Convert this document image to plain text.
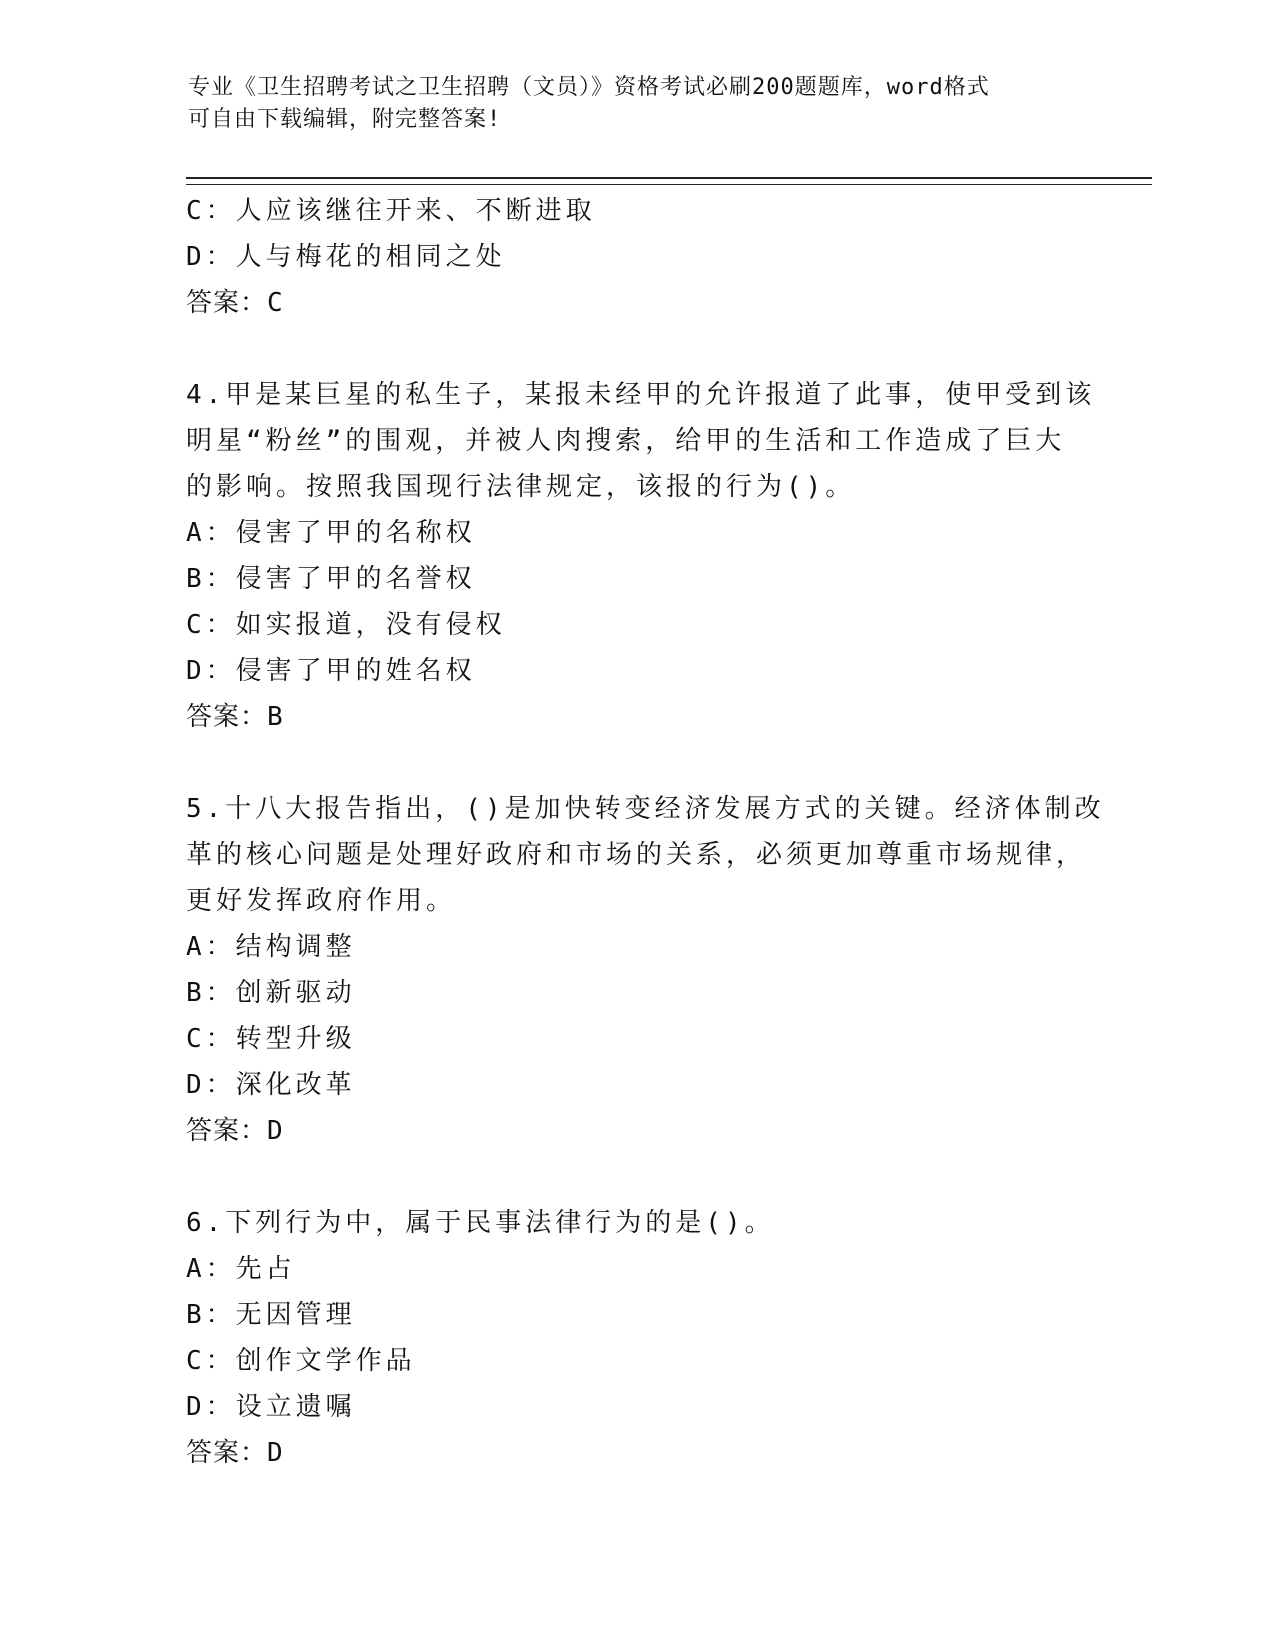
专业《卫生招聘考试之卫生招聘（文员）》资格考试必刷200题题库，word格式
可自由下载编辑，附完整答案!
C：人应该继往开来、不断进取
D：人与梅花的相同之处
答案：C
4.甲是某巨星的私生子，某报未经甲的允许报道了此事，使甲受到该
明星“粉丝”的围观，并被人肉搜索，给甲的生活和工作造成了巨大
的影响。按照我国现行法律规定，该报的行为()。
A：侵害了甲的名称权
B：侵害了甲的名誉权
C：如实报道，没有侵权
D：侵害了甲的姓名权
答案：B
5.十八大报告指出，()是加快转变经济发展方式的关键。经济体制改
革的核心问题是处理好政府和市场的关系，必须更加尊重市场规律，
更好发挥政府作用。
A：结构调整
B：创新驱动
C：转型升级
D：深化改革
答案：D
6.下列行为中，属于民事法律行为的是()。
A：先占
B：无因管理
C：创作文学作品
D：设立遗嘱
答案：D
